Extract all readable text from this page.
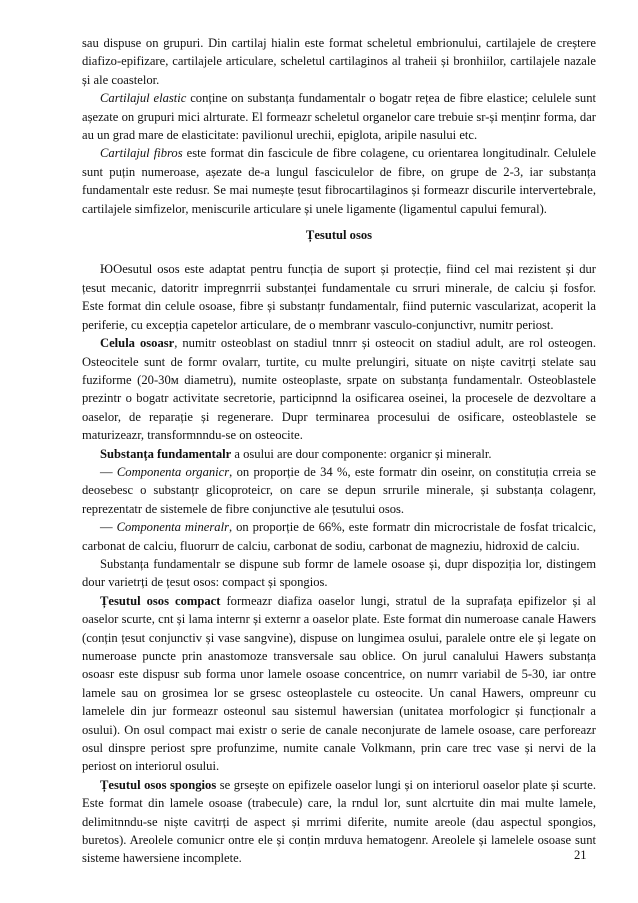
sau dispuse on grupuri. Din cartilaj hialin este format scheletul embrionului, cartilajele de creștere diafizo-epifizare, cartilajele articulare, scheletul cartilaginos al traheii și bronhiilor, cartilajele nazale și ale coastelor.

Cartilajul elastic conține on substanța fundamentalr o bogatr rețea de fibre elastice; celulele sunt așezate on grupuri mici alrturate. El formeazr scheletul organelor care trebuie sr-și menținr forma, dar au un grad mare de elasticitate: pavilionul urechii, epiglota, aripile nasului etc.

Cartilajul fibros este format din fascicule de fibre colagene, cu orientarea longitudinalr. Celulele sunt puțin numeroase, așezate de-a lungul fasciculelor de fibre, on grupe de 2-3, iar substanța fundamentalr este redusr. Se mai numește țesut fibrocartilaginos și formeazr discurile intervertebrale, cartilajele simfizelor, meniscurile articulare și unele ligamente (ligamentul capului femural).

Țesutul osos

ЮОesutul osos este adaptat pentru funcția de suport și protecție, fiind cel mai rezistent și dur țesut mecanic, datoritr impregnrrii substanței fundamentale cu srruri minerale, de calciu și fosfor. Este format din celule osoase, fibre și substanțr fundamentalr, fiind puternic vascularizat, acoperit la periferie, cu excepția capetelor articulare, de o membranr vasculo-conjunctivr, numitr periost.

Celula osoasr, numitr osteoblast on stadiul tnnrr și osteocit on stadiul adult, are rol osteogen. Osteocitele sunt de formr ovalarr, turtite, cu multe prelungiri, situate on niște cavitrți stelate sau fuziforme (20-30м diametru), numite osteoplaste, srpate on substanța fundamentalr. Osteoblastele prezintr o bogatr activitate secretorie, participnnd la osificarea oseinei, la procesele de dezvoltare a oaselor, de reparație și regenerare. Dupr terminarea procesului de osificare, osteoblastele se maturizeazr, transformnndu-se on osteocite.

Substanța fundamentalr a osului are dour componente: organicr și mineralr.

— Componenta organicr, on proporție de 34 %, este formatr din oseinr, on constituția crreia se deosebesc o substanțr glicoproteicr, on care se depun srrurile minerale, și substanța colagenr, reprezentatr de sistemele de fibre conjunctive ale țesutului osos.

— Componenta mineralr, on proporție de 66%, este formatr din microcristale de fosfat tricalcic, carbonat de calciu, fluorurr de calciu, carbonat de sodiu, carbonat de magneziu, hidroxid de calciu.

Substanța fundamentalr se dispune sub formr de lamele osoase și, dupr dispoziția lor, distingem dour varietrți de țesut osos: compact și spongios.

Țesutul osos compact formeazr diafiza oaselor lungi, stratul de la suprafața epifizelor și al oaselor scurte, cnt și lama internr și externr a oaselor plate. Este format din numeroase canale Hawers (conțin țesut conjunctiv și vase sangvine), dispuse on lungimea osului, paralele ontre ele și legate on numeroase puncte prin anastomoze transversale sau oblice. On jurul canalului Hawers substanța osoasr este dispusr sub forma unor lamele osoase concentrice, on numrr variabil de 5-30, iar ontre lamele sau on grosimea lor se grsesc osteoplastele cu osteocite. Un canal Hawers, ompreunr cu lamelele din jur formeazr osteonul sau sistemul hawersian (unitatea morfologicr și funcționalr a osului). On osul compact mai existr o serie de canale neconjurate de lamele osoase, care perforeazr osul dinspre periost spre profunzime, numite canale Volkmann, prin care trec vase și nervi de la periost on interiorul osului.

Țesutul osos spongios se grsește on epifizele oaselor lungi și on interiorul oaselor plate și scurte. Este format din lamele osoase (trabecule) care, la rndul lor, sunt alcrtuite din mai multe lamele, delimitnndu-se niște cavitrți de aspect și mrrimi diferite, numite areole (dau aspectul spongios, buretos). Areolele comunicr ontre ele și conțin mrduva hematogenr. Areolele și lamelele osoase sunt sisteme hawersiene incomplete.	21
